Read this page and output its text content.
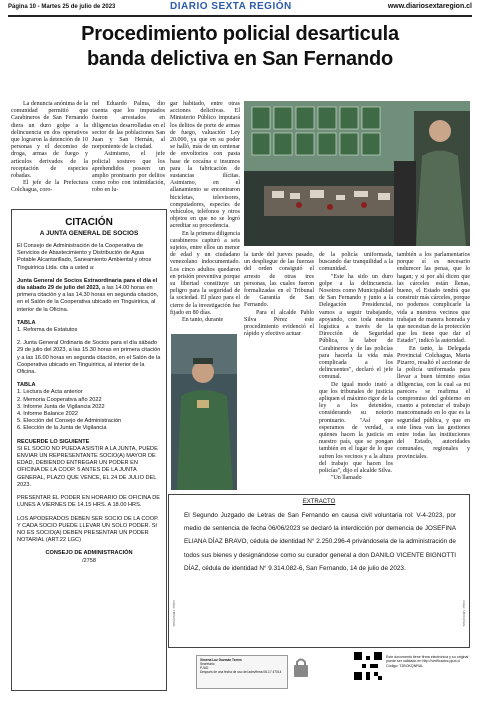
Página 10 - Martes 25 de julio de 2023	DIARIO SEXTA REGIÓN	www.diariosextaregion.cl
Procedimiento policial desarticula
banda delictiva en San Fernando

La denuncia anónima de la comunidad permitió que Carabineros de San Fernando diera un duro golpe a la delincuencia en dos operativos que lograron la detención de 10 personas y el decomiso de droga, armas de fuego y artículos derivados de la receptación de especies robadas.

El jefe de la Prefectura Colchagua, coro-

nel Eduardo Palma, dio cuenta que los imputados fueron arrestados en diligencias desarrolladas en el sector de las poblaciones San Juan y San Hernán, al norponiente de la ciudad.

Asimismo, el jefe policial sostuvo que los aprehendidos poseen un amplio prontuario por delitos como robo con intimidación, robo en lu-

gar habitado, entre otras acciones delictivas. El Ministerio Público imputará los delitos de porte de armas de fuego, valuación Ley 20.000, ya que en su poder se halló, más de un centenar de envoltorios con pasta base de cocaína e insumos para la fabricación de sustancias ilícitas. Asimismo, en el allanamiento se encontraron bicicletas, televisores, computadores, especies de vehículos, teléfonos y otros objetos en que no se logró acreditar su procedencia.

En la primera diligencia carabineros capturó a seis sujetos, entre ellos un menor de edad y un ciudadano venezolano indocumentado. Los cinco adultos quedaron en prisión preventiva porque su libertad constituye un peligro para la seguridad de la sociedad. El plazo para el cierre de la investigación fue fijado en 80 días.

En tanto, durante

la tarde del jueves pasado, un despliegue de las fuerzas del orden consiguió el arresto de otras tres personas, las cuales fueron formalizadas en el Tribunal de Garantía de San Fernando.

Para el alcalde Pablo Silva Pérez este procedimiento evidenció el rápido y efectivo actuar

de la policía uniformada, buscando dar tranquilidad a la comunidad.

"Este ha sido un duro golpe a la delincuencia. Nosotros como Municipalidad de San Fernando y junto a la Delegación Presidencial, vamos a seguir trabajando, apoyando, con toda nuestra logística a través de la Dirección de Seguridad Pública, la labor de Carabineros y de las policías para hacerla la vida más complicada a los delincuentes", declaró el jefe comunal.

De igual modo instó a que los tribunales de justicia apliquen el máximo rigor de la ley a los detenidos, considerando su notorio prontuario. "Así que esperamos de verdad, a quienes hacen la justicia en nuestro país, que se pongan también en el lugar de lo que sufren los vecinos y a la altura del trabajo que hacen los policías", dijo el alcalde Silva.

"Un llamado

también a los parlamentarios porque sí es necesario endurecer las penas, que lo hagan; y si por ahí dicen que las cárceles están llenas, bueno, el Estado tendrá que construir más cárceles, porque no podemos complicarle la vida a nuestros vecinos que trabajan de manera honrada y que necesitan de la protección que les tiene que dar el Estado", indicó la autoridad.

En tanto, la Delegada Provincial Colchagua, Marta Pizarro, resaltó el accionar de la policía uniformada para llevar a buen término estas diligencias, con la cual «a mi parecer» se reafirma el compromiso del gobierno en cuanto a potenciar el trabajo mancomunado en lo que es la seguridad pública, y que en este línea van las gestiones entre todas las instituciones del Estado, autoridades comunales, regionales y provinciales.

CITACIÓN
A JUNTA GENERAL DE SOCIOS

El Consejo de Administración de la Cooperativa de Servicios de Abastecimiento y Distribución de Agua Potable Alcantarillado, Saneamiento Ambiental y otros Tinguiririca Ltda. cita a usted a:

Junta General de Socios Extraordinaria para el día el día sábado 29 de julio del 2023, a las 14.00 horas en primera citación y a las 14.30 horas en segunda citación, en el Salón de la Cooperativa ubicado en Tinguiririca, al interior de la Oficina.

TABLA

1. Reforma de Estatutos

2. Junta General Ordinaria de Socios para el día sábado 29 de julio del 2023, a las 15.30 horas en primera citación y a las 16.00 horas en segunda citación, en el Salón de la Cooperativa ubicado en Tinguiririca, al interior de la Oficina.

TABLA

1. Lectura de Acta anterior
2. Memoria Cooperativa año 2022
3. Informe Junta de Vigilancia 2022
4. Informe Balance 2022
5. Elección del Consejo de Administración
6. Elección de la Junta de Vigilancia

RECUERDE LO SIGUIENTE

SI EL SOCIO NO PUEDA ASISTIR A LA JUNTA, PUEDE ENVIAR UN REPRESENTANTE SOCIO(A) MAYOR DE EDAD, DEBIENDO ENTREGAR UN PODER EN OFICINA DE LA COOP. 5 ANTES DE LA JUNTA GENERAL, PLAZO QUE VENCE, EL 24 DE JULIO DEL 2023.

PRESENTAR EL PODER EN HORARIO DE OFICINA DE LUNES A VIERNES DE 14.15 HRS. A 18.00 HRS.

LOS APODERADOS DEBEN SER SOCIO DE LA COOP. Y CADA SOCIO PUEDE LLEVAR UN SOLO PODER. SI NO ES SOCIO(A) DEBEN PRESENTAR UN PODER NOTARIAL (ART.22 LGC)

CONSEJO DE ADMINISTRACIÓN

/2758

EXTRACTO
El Segundo Juzgado de Letras de San Fernando en causa civil voluntaria rol: V-4-2023, por medio de sentencia de fecha 06/06/2023 se declaró la interdicción por demencia de JOSEFINA ELIANA DÍAZ BRAVO, cédula de identidad N° 2.250.296-4 privándosela de la administración de todos sus bienes y designándose como su curador general a don DANILO VICENTE BIGNOTTI DÍAZ, cédula de identidad N° 9.314.082-6, San Fernando, 14 de julio de 2023.
Código: TJBOKQNRAL	Código: TJBOKQNRAL
Ximena Luz Guzmán Torres
Secretario
PJUD
Después de una fecha de uso del adm/firma 06-17 47014
Este documento tiene firma electrónica y su original puede ser validado en http://verificadoc.pjud.cl
Código: TJBOKQNRAL
